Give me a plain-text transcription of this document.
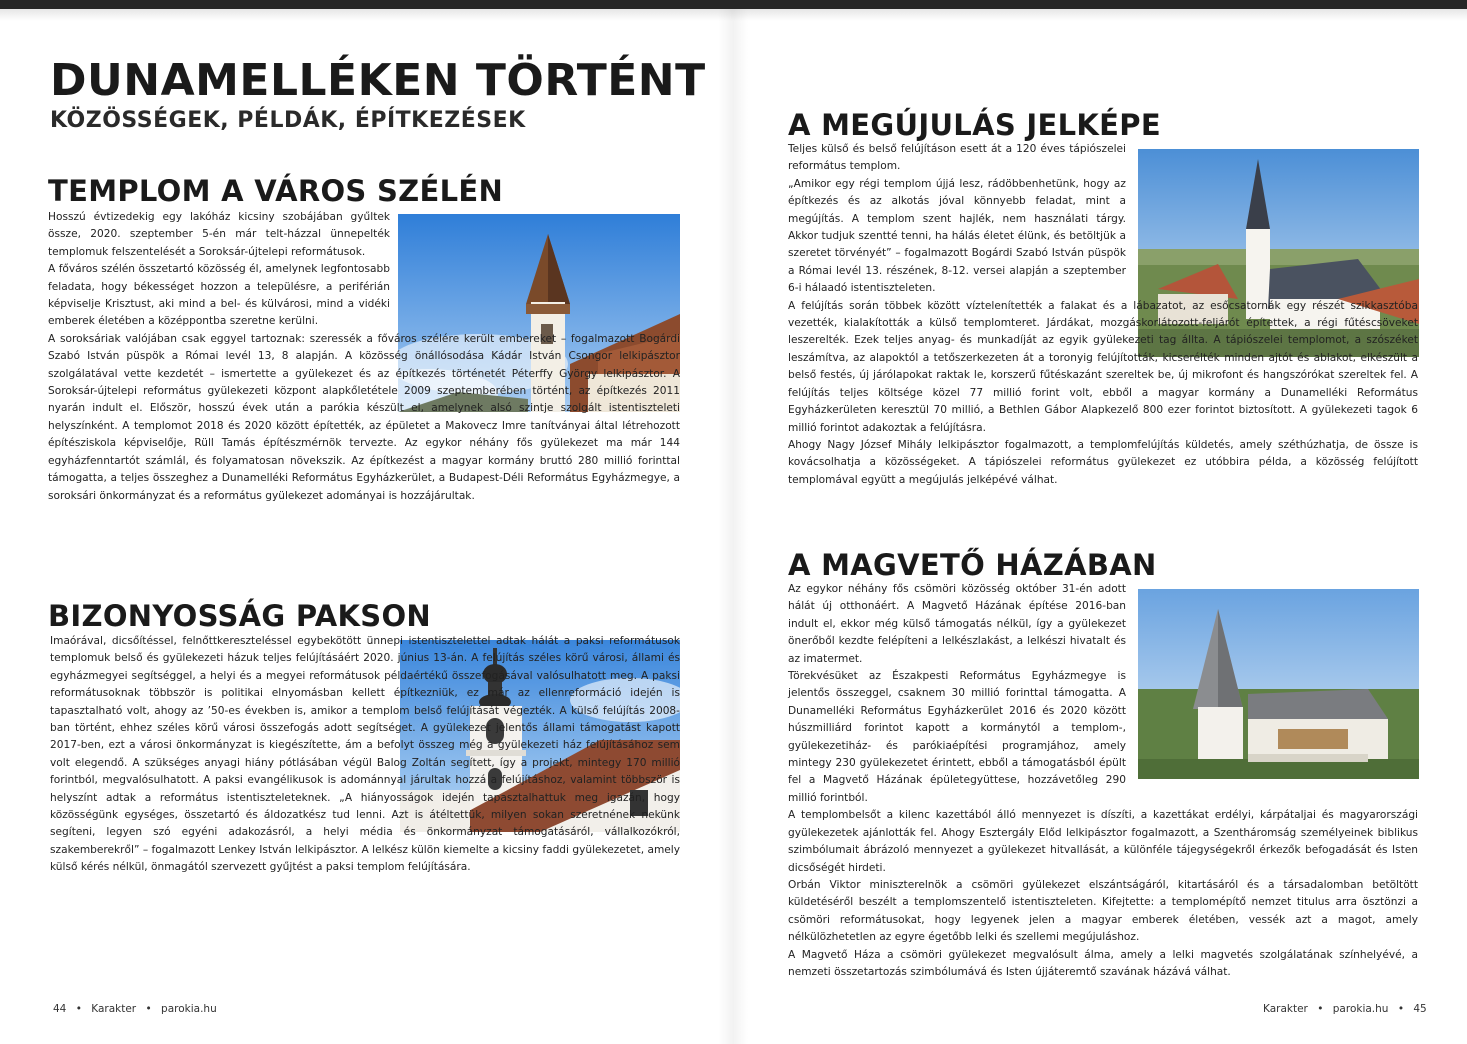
DUNAMELLÉKEN TÖRTÉNT
KÖZÖSSÉGEK, PÉLDÁK, ÉPÍTKEZÉSEK
TEMPLOM A VÁROS SZÉLÉN

Hosszú évtizedekig egy lakóház kicsiny szobájában gyűltek össze, 2020. szeptember 5-én már telt-házzal ünnepelték templomuk felszentelését a Soroksár-újtelepi reformátusok.

A főváros szélén összetartó közösség él, amelynek legfontosabb feladata, hogy békességet hozzon a településre, a periférián képviselje Krisztust, aki mind a bel- és külvárosi, mind a vidéki emberek életében a középpontba szeretne kerülni.

A soroksáriak valójában csak eggyel tartoznak: szeressék a főváros szélére került embereket – fogalmazott Bogárdi Szabó István püspök a Római levél 13, 8 alapján. A közösség önállósodása Kádár István Csongor lelkipásztor szolgálatával vette kezdetét – ismertette a gyülekezet és az építkezés történetét Péterffy György lelkipásztor. A Soroksár-újtelepi református gyülekezeti központ alapkőletétele 2009 szeptemberében történt, az építkezés 2011 nyarán indult el. Először, hosszú évek után a parókia készült el, amelynek alsó szintje szolgált istentiszteleti helyszínként. A templomot 2018 és 2020 között építették, az épületet a Makovecz Imre tanítványai által létrehozott építésziskola képviselője, Rüll Tamás építészmérnök tervezte. Az egykor néhány fős gyülekezet ma már 144 egyházfenntartót számlál, és folyamatosan növekszik. Az építkezést a magyar kormány bruttó 280 millió forinttal támogatta, a teljes összeghez a Dunamelléki Református Egyházkerület, a Budapest-Déli Református Egyházmegye, a soroksári önkormányzat és a református gyülekezet adományai is hozzájárultak.

BIZONYOSSÁG PAKSON

Imaórával, dicsőítéssel, felnőttkereszteléssel egybekötött ünnepi istentisztelettel adtak hálát a paksi reformátusok templomuk belső és gyülekezeti házuk teljes felújításáért 2020. június 13-án. A felújítás széles körű városi, állami és egyházmegyei segítséggel, a helyi és a megyei reformátusok példaértékű összefogásával valósulhatott meg. A paksi reformátusoknak többször is politikai elnyomásban kellett építkezniük, ez már az ellenreformáció idején is tapasztalható volt, ahogy az ’50-es években is, amikor a templom belső felújítását végezték. A külső felújítás 2008-ban történt, ehhez széles körű városi összefogás adott segítséget. A gyülekezet jelentős állami támogatást kapott 2017-ben, ezt a városi önkormányzat is kiegészítette, ám a befolyt összeg még a gyülekezeti ház felújításához sem volt elegendő. A szükséges anyagi hiány pótlásában végül Balog Zoltán segített, így a projekt, mintegy 170 millió forintból, megvalósulhatott. A paksi evangélikusok is adománnyal járultak hozzá a felújításhoz, valamint többször is helyszínt adtak a református istentiszteleteknek. „A hiányosságok idején tapasztalhattuk meg igazán, hogy közösségünk egységes, összetartó és áldozatkész tud lenni. Azt is átéltettük, milyen sokan szeretnének nekünk segíteni, legyen szó egyéni adakozásról, a helyi média és önkormányzat támogatásáról, vállalkozókról, szakemberekről” – fogalmazott Lenkey István lelkipásztor. A lelkész külön kiemelte a kicsiny faddi gyülekezetet, amely külső kérés nélkül, önmagától szervezett gyűjtést a paksi templom felújítására.

44 • Karakter • parokia.hu
A MEGÚJULÁS JELKÉPE

Teljes külső és belső felújításon esett át a 120 éves tápiószelei református templom.

„Amikor egy régi templom újjá lesz, rádöbbenhetünk, hogy az építkezés és az alkotás jóval könnyebb feladat, mint a megújítás. A templom szent hajlék, nem használati tárgy. Akkor tudjuk szentté tenni, ha hálás életet élünk, és betöltjük a szeretet törvényét” – fogalmazott Bogárdi Szabó István püspök a Római levél 13. részének, 8-12. versei alapján a szeptember 6-i hálaadó istentiszteleten.

A felújítás során többek között víztelenítették a falakat és a lábazatot, az esőcsatornák egy részét szikkasztóba vezették, kialakították a külső templomteret. Járdákat, mozgáskorlátozott-feljárót építettek, a régi fűtéscsöveket leszerelték. Ezek teljes anyag- és munkadíját az egyik gyülekezeti tag állta. A tápiószelei templomot, a szószéket leszámítva, az alapoktól a tetőszerkezeten át a toronyig felújították, kicserélték minden ajtót és ablakot, elkészült a belső festés, új járólapokat raktak le, korszerű fűtéskazánt szereltek be, új mikrofont és hangszórókat szereltek fel. A felújítás teljes költsége közel 77 millió forint volt, ebből a magyar kormány a Dunamelléki Református Egyházkerületen keresztül 70 millió, a Bethlen Gábor Alapkezelő 800 ezer forintot biztosított. A gyülekezeti tagok 6 millió forintot adakoztak a felújításra.

Ahogy Nagy József Mihály lelkipásztor fogalmazott, a templomfelújítás küldetés, amely széthúzhatja, de össze is kovácsolhatja a közösségeket. A tápiószelei református gyülekezet ez utóbbira példa, a közösség felújított templomával együtt a megújulás jelképévé válhat.

A MAGVETŐ HÁZÁBAN

Az egykor néhány fős csömöri közösség október 31-én adott hálát új otthonáért. A Magvető Házának építése 2016-ban indult el, ekkor még külső támogatás nélkül, így a gyülekezet önerőből kezdte felépíteni a lelkészlakást, a lelkészi hivatalt és az imatermet.

Törekvésüket az Északpesti Református Egyházmegye is jelentős összeggel, csaknem 30 millió forinttal támogatta. A Dunamelléki Református Egyházkerület 2016 és 2020 között húszmilliárd forintot kapott a kormánytól a templom-, gyülekezetiház- és parókiaépítési programjához, amely mintegy 230 gyülekezetet érintett, ebből a támogatásból épült fel a Magvető Házának épületegyüttese, hozzávetőleg 290 millió forintból.

A templombelsőt a kilenc kazettából álló mennyezet is díszíti, a kazettákat erdélyi, kárpátaljai és magyarországi gyülekezetek ajánlották fel. Ahogy Esztergály Előd lelkipásztor fogalmazott, a Szentháromság személyeinek biblikus szimbólumait ábrázoló mennyezet a gyülekezet hitvallását, a különféle tájegységekről érkezők befogadását és Isten dicsőségét hirdeti.

Orbán Viktor miniszterelnök a csömöri gyülekezet elszántságáról, kitartásáról és a társadalomban betöltött küldetéséről beszélt a templomszentelő istentiszteleten. Kifejtette: a templomépítő nemzet titulus arra ösztönzi a csömöri reformátusokat, hogy legyenek jelen a magyar emberek életében, vessék azt a magot, amely nélkülözhetetlen az egyre égetőbb lelki és szellemi megújuláshoz.

A Magvető Háza a csömöri gyülekezet megvalósult álma, amely a lelki magvetés szolgálatának színhelyévé, a nemzeti összetartozás szimbólumává és Isten újjáteremtő szavának házává válhat.

Karakter • parokia.hu • 45
